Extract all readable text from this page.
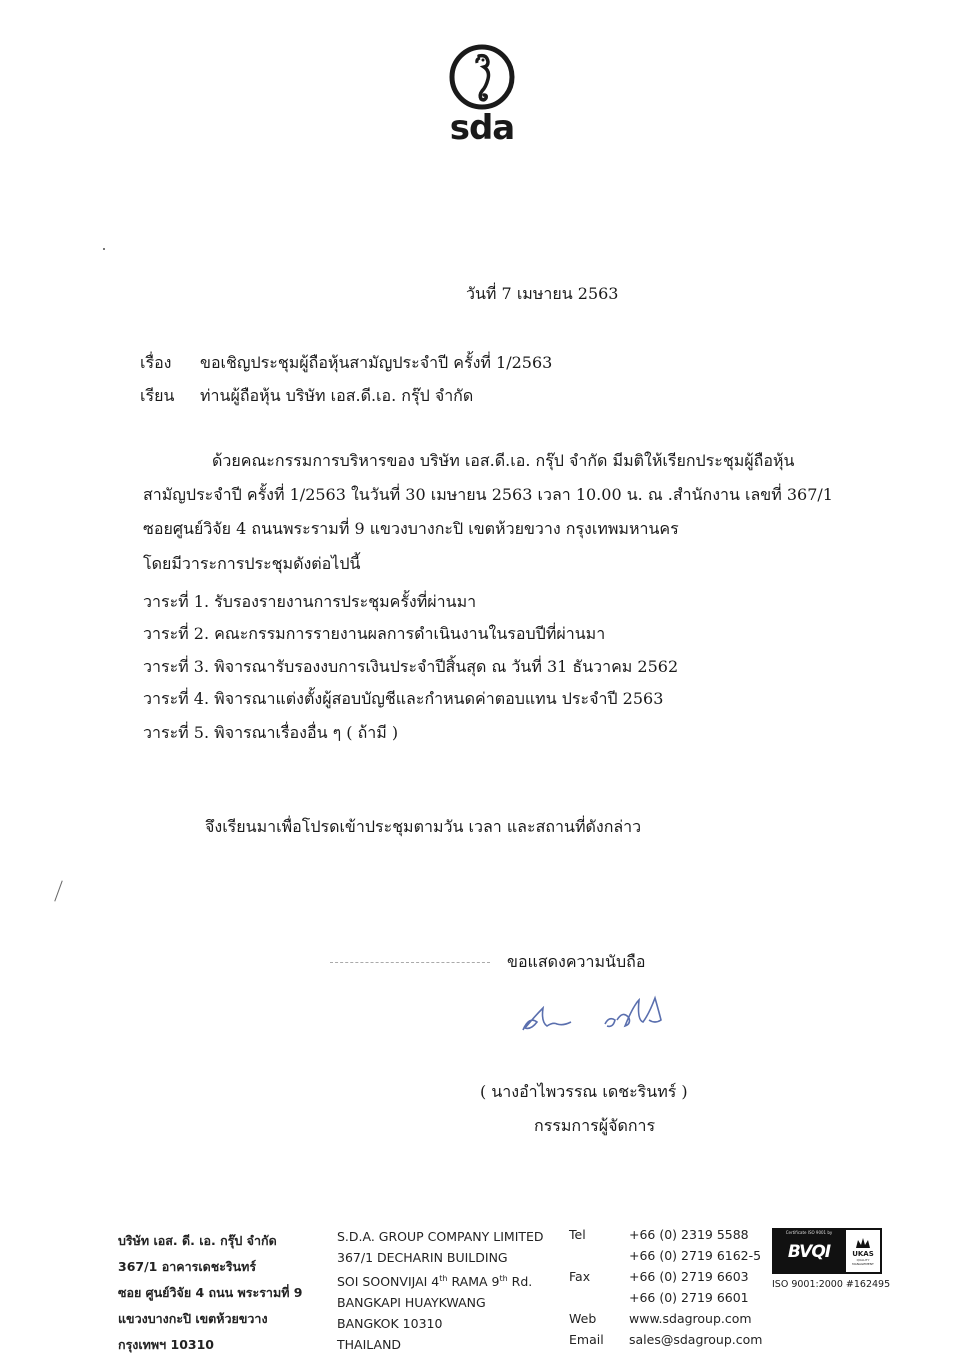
sda
วันที่ 7 เมษายน 2563
เรื่อง ขอเชิญประชุมผู้ถือหุ้นสามัญประจำปี ครั้งที่ 1/2563
เรียน ท่านผู้ถือหุ้น บริษัท เอส.ดี.เอ. กรุ๊ป จำกัด
ด้วยคณะกรรมการบริหารของ บริษัท เอส.ดี.เอ. กรุ๊ป จำกัด มีมติให้เรียกประชุมผู้ถือหุ้น
สามัญประจำปี ครั้งที่ 1/2563 ในวันที่ 30 เมษายน 2563 เวลา 10.00 น. ณ .สำนักงาน เลขที่ 367/1
ซอยศูนย์วิจัย 4 ถนนพระรามที่ 9 แขวงบางกะปิ เขตห้วยขวาง กรุงเทพมหานคร
โดยมีวาระการประชุมดังต่อไปนี้
วาระที่ 1. รับรองรายงานการประชุมครั้งที่ผ่านมา
วาระที่ 2. คณะกรรมการรายงานผลการดำเนินงานในรอบปีที่ผ่านมา
วาระที่ 3. พิจารณารับรองงบการเงินประจำปีสิ้นสุด ณ วันที่ 31 ธันวาคม 2562
วาระที่ 4. พิจารณาแต่งตั้งผู้สอบบัญชีและกำหนดค่าตอบแทน ประจำปี 2563
วาระที่ 5. พิจารณาเรื่องอื่น ๆ ( ถ้ามี )
จึงเรียนมาเพื่อโปรดเข้าประชุมตามวัน เวลา และสถานที่ดังกล่าว
ขอแสดงความนับถือ
( นางอำไพวรรณ เดชะรินทร์ )
กรรมการผู้จัดการ
บริษัท เอส. ดี. เอ. กรุ๊ป จำกัด
367/1 อาคารเดชะรินทร์
ซอย ศูนย์วิจัย 4 ถนน พระรามที่ 9
แขวงบางกะปิ เขตห้วยขวาง
กรุงเทพฯ 10310
S.D.A. GROUP COMPANY LIMITED
367/1 DECHARIN BUILDING
SOI SOONVIJAI 4th RAMA 9th Rd.
BANGKAPI HUAYKWANG
BANGKOK 10310
THAILAND
Tel	+66 (0) 2319 5588
+66 (0) 2719 6162-5
Fax	+66 (0) 2719 6603
+66 (0) 2719 6601
Web	www.sdagroup.com
Email	sales@sdagroup.com
Certificate ISO 9001 by
BVQI	UKAS
QUALITY MANAGEMENT
ISO 9001:2000 #162495
